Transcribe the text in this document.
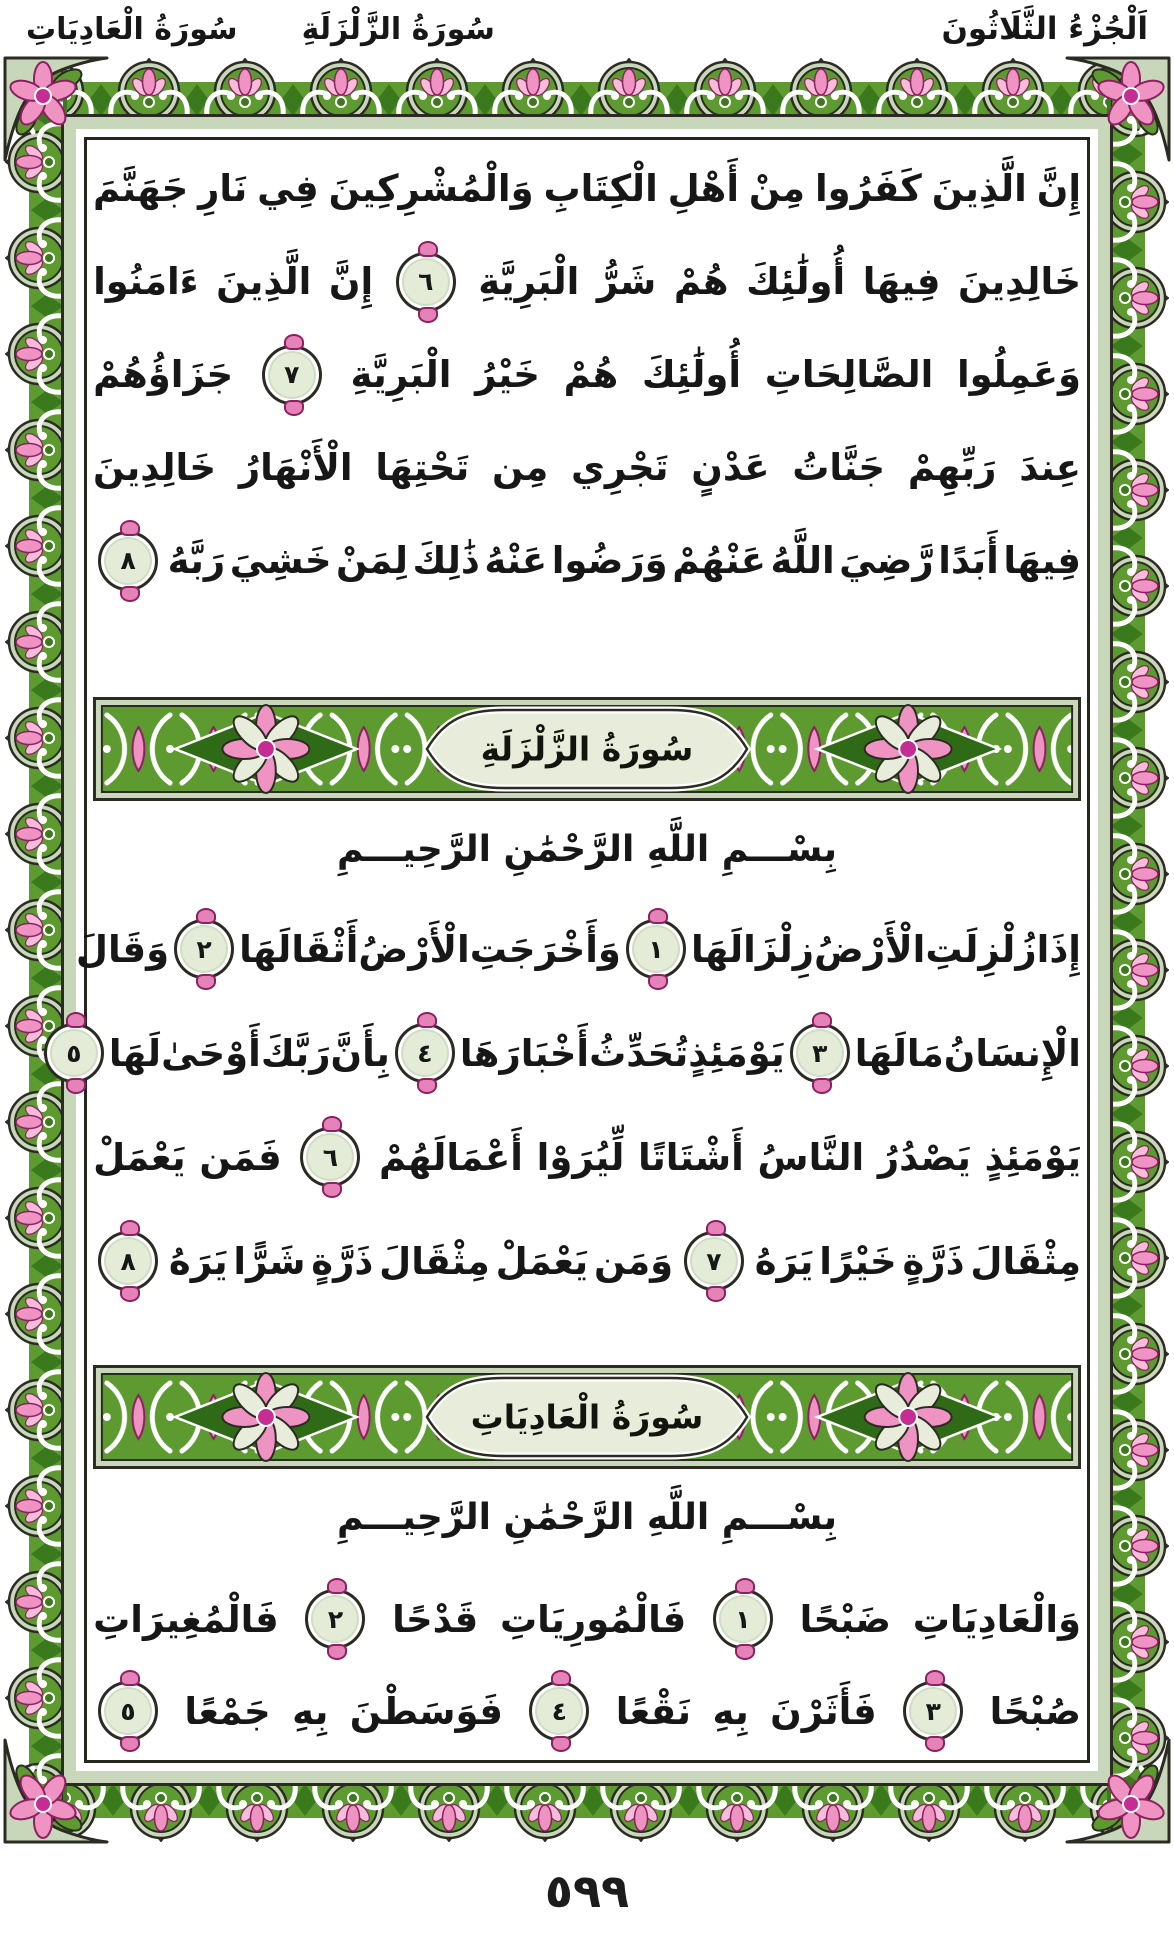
سُورَةُ الزَّلْزَلَةِ
سُورَةُ الْعَادِيَاتِ	اَلْجُزْءُ الثَّلَاثُونَ
إِنَّ
الَّذِينَ
كَفَرُوا
مِنْ
أَهْلِ
الْكِتَابِ
وَالْمُشْرِكِينَ
فِي
نَارِ
جَهَنَّمَ
خَالِدِينَ
فِيهَا
أُولَٰئِكَ
هُمْ
شَرُّ
الْبَرِيَّةِ
٦
إِنَّ
الَّذِينَ
ءَامَنُوا
وَعَمِلُوا
الصَّالِحَاتِ
أُولَٰئِكَ
هُمْ
خَيْرُ
الْبَرِيَّةِ
٧
جَزَاؤُهُمْ
عِندَ
رَبِّهِمْ
جَنَّاتُ
عَدْنٍ
تَجْرِي
مِن
تَحْتِهَا
الْأَنْهَارُ
خَالِدِينَ
فِيهَا
أَبَدًا
رَّضِيَ
اللَّهُ
عَنْهُمْ
وَرَضُوا
عَنْهُ
ذَٰلِكَ
لِمَنْ
خَشِيَ
رَبَّهُ
٨
سُورَةُ الزَّلْزَلَةِ
بِسْـــمِ اللَّهِ الرَّحْمَٰنِ الرَّحِيـــمِ
إِذَا
زُلْزِلَتِ
الْأَرْضُ
زِلْزَالَهَا
١
وَأَخْرَجَتِ
الْأَرْضُ
أَثْقَالَهَا
٢
وَقَالَ
الْإِنسَانُ
مَا
لَهَا
٣
يَوْمَئِذٍ
تُحَدِّثُ
أَخْبَارَهَا
٤
بِأَنَّ
رَبَّكَ
أَوْحَىٰ
لَهَا
٥
يَوْمَئِذٍ
يَصْدُرُ
النَّاسُ
أَشْتَاتًا
لِّيُرَوْا
أَعْمَالَهُمْ
٦
فَمَن
يَعْمَلْ
مِثْقَالَ
ذَرَّةٍ
خَيْرًا
يَرَهُ
٧
وَمَن
يَعْمَلْ
مِثْقَالَ
ذَرَّةٍ
شَرًّا
يَرَهُ
٨
سُورَةُ الْعَادِيَاتِ
بِسْـــمِ اللَّهِ الرَّحْمَٰنِ الرَّحِيـــمِ
وَالْعَادِيَاتِ
ضَبْحًا
١
فَالْمُورِيَاتِ
قَدْحًا
٢
فَالْمُغِيرَاتِ
صُبْحًا
٣
فَأَثَرْنَ
بِهِ
نَقْعًا
٤
فَوَسَطْنَ
بِهِ
جَمْعًا
٥
٥٩٩
